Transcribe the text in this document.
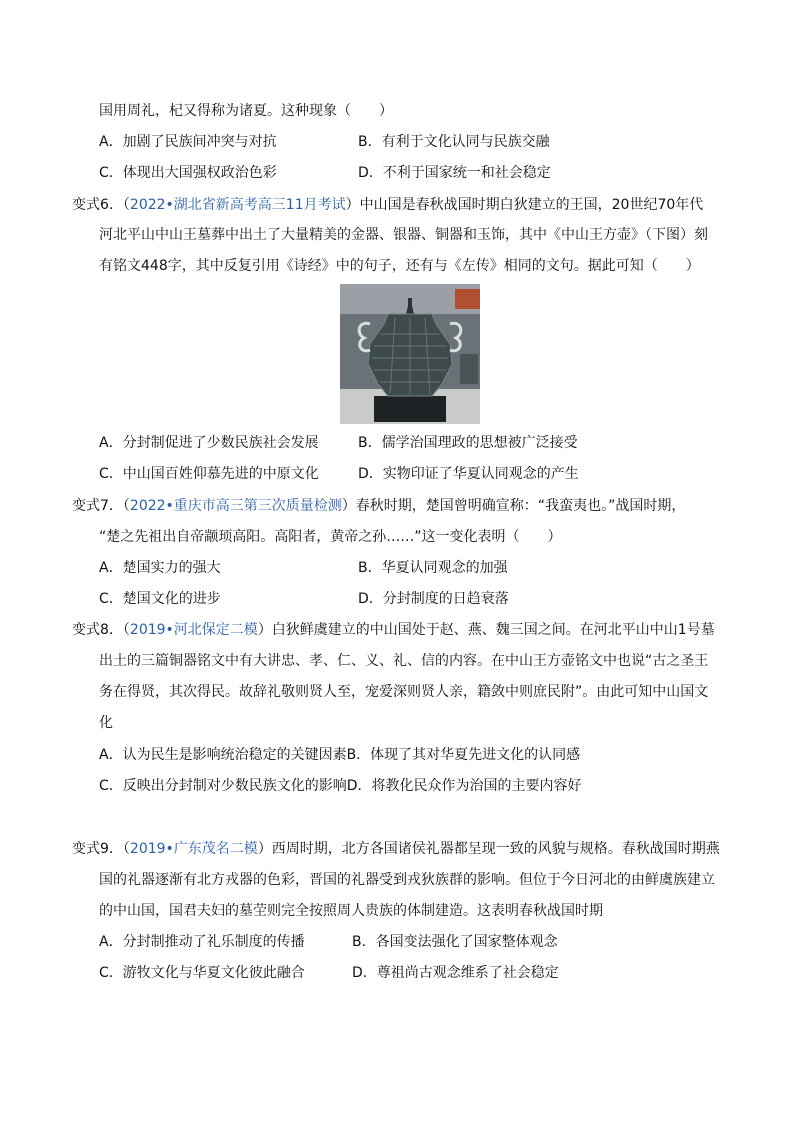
国用周礼，杞又得称为诸夏。这种现象（　　）
A．加剧了民族间冲突与对抗	B．有利于文化认同与民族交融
C．体现出大国强权政治色彩	D．不利于国家统一和社会稳定
变式6．（2022•湖北省新高考高三11月考试）中山国是春秋战国时期白狄建立的王国，20世纪70年代
河北平山中山王墓葬中出土了大量精美的金器、银器、铜器和玉饰，其中《中山王方壶》（下图）刻
有铭文448字，其中反复引用《诗经》中的句子，还有与《左传》相同的文句。据此可知（　　）
A．分封制促进了少数民族社会发展	B．儒学治国理政的思想被广泛接受
C．中山国百姓仰慕先进的中原文化	D．实物印证了华夏认同观念的产生
变式7．（2022•重庆市高三第三次质量检测）春秋时期，楚国曾明确宣称：“我蛮夷也。”战国时期，
“楚之先祖出自帝颛顼高阳。高阳者，黄帝之孙……”这一变化表明（　　）
A．楚国实力的强大	B．华夏认同观念的加强
C．楚国文化的进步	D．分封制度的日趋衰落
变式8．（2019•河北保定二模）白狄鲜虞建立的中山国处于赵、燕、魏三国之间。在河北平山中山1号墓
出土的三篇铜器铭文中有大讲忠、孝、仁、义、礼、信的内容。在中山王方壶铭文中也说“古之圣王
务在得贤，其次得民。故辞礼敬则贤人至，宠爱深则贤人亲，籍敛中则庶民附”。由此可知中山国文
化
A．认为民生是影响统治稳定的关键因素B．体现了其对华夏先进文化的认同感
C．反映出分封制对少数民族文化的影响D．将教化民众作为治国的主要内容好
变式9．（2019•广东茂名二模）西周时期，北方各国诸侯礼器都呈现一致的风貌与规格。春秋战国时期燕
国的礼器逐渐有北方戎器的色彩，晋国的礼器受到戎狄族群的影响。但位于今日河北的由鲜虞族建立
的中山国，国君夫妇的墓茔则完全按照周人贵族的体制建造。这表明春秋战国时期
A．分封制推动了礼乐制度的传播	B．各国变法强化了国家整体观念
C．游牧文化与华夏文化彼此融合	D．尊祖尚古观念维系了社会稳定
